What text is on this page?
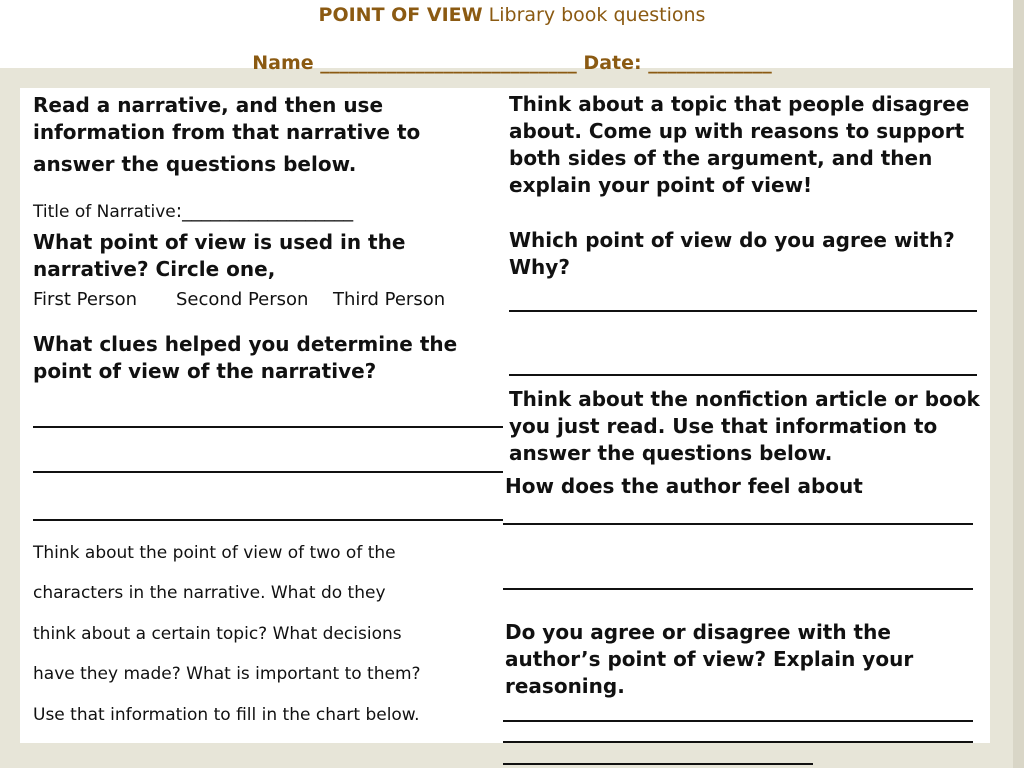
POINT OF VIEW Library book questions
Name ___________________________ Date: _____________
Read a narrative, and then use
information from that narrative to
answer the questions below.
Title of Narrative:__________________
What point of view is used in the
narrative? Circle one,
First Person Second Person Third Person
What clues helped you determine the
point of view of the narrative?
Think about the point of view of two of the
characters in the narrative. What do they
think about a certain topic? What decisions
have they made? What is important to them?
Use that information to fill in the chart below.
Think about a topic that people disagree
about. Come up with reasons to support
both sides of the argument, and then
explain your point of view!
Which point of view do you agree with?
Why?
Think about the nonfiction article or book
you just read. Use that information to
answer the questions below.
How does the author feel about
Do you agree or disagree with the
author’s point of view? Explain your
reasoning.
